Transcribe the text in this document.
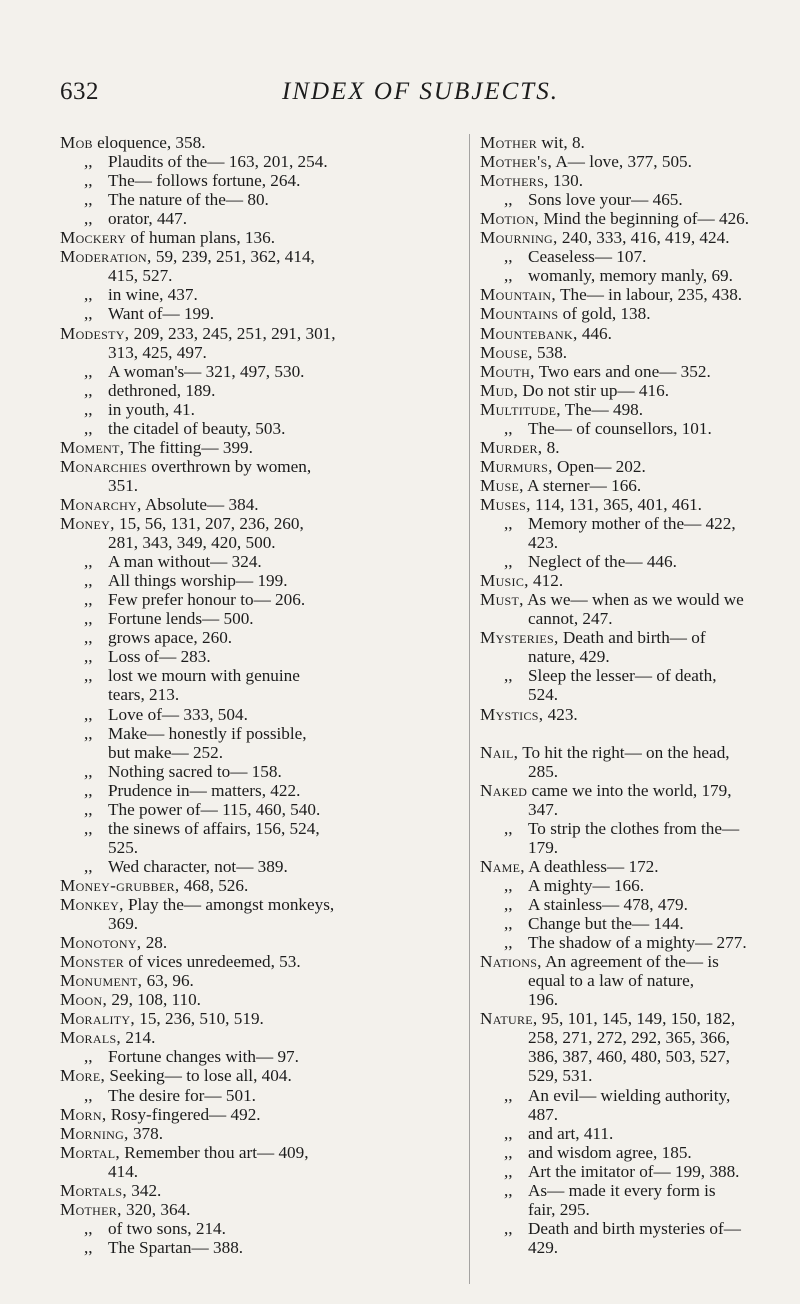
632	INDEX OF SUBJECTS.
Mob eloquence, 358.
,, Plaudits of the— 163, 201, 254.
,, The— follows fortune, 264.
,, The nature of the— 80.
,, orator, 447.
Mockery of human plans, 136.
Moderation, 59, 239, 251, 362, 414,
415, 527.
,, in wine, 437.
,, Want of— 199.
Modesty, 209, 233, 245, 251, 291, 301,
313, 425, 497.
,, A woman's— 321, 497, 530.
,, dethroned, 189.
,, in youth, 41.
,, the citadel of beauty, 503.
Moment, The fitting— 399.
Monarchies overthrown by women,
351.
Monarchy, Absolute— 384.
Money, 15, 56, 131, 207, 236, 260,
281, 343, 349, 420, 500.
,, A man without— 324.
,, All things worship— 199.
,, Few prefer honour to— 206.
,, Fortune lends— 500.
,, grows apace, 260.
,, Loss of— 283.
,, lost we mourn with genuine
tears, 213.
,, Love of— 333, 504.
,, Make— honestly if possible,
but make— 252.
,, Nothing sacred to— 158.
,, Prudence in— matters, 422.
,, The power of— 115, 460, 540.
,, the sinews of affairs, 156, 524,
525.
,, Wed character, not— 389.
Money-grubber, 468, 526.
Monkey, Play the— amongst monkeys,
369.
Monotony, 28.
Monster of vices unredeemed, 53.
Monument, 63, 96.
Moon, 29, 108, 110.
Morality, 15, 236, 510, 519.
Morals, 214.
,, Fortune changes with— 97.
More, Seeking— to lose all, 404.
,, The desire for— 501.
Morn, Rosy-fingered— 492.
Morning, 378.
Mortal, Remember thou art— 409,
414.
Mortals, 342.
Mother, 320, 364.
,, of two sons, 214.
,, The Spartan— 388.
Mother wit, 8.
Mother's, A— love, 377, 505.
Mothers, 130.
,, Sons love your— 465.
Motion, Mind the beginning of— 426.
Mourning, 240, 333, 416, 419, 424.
,, Ceaseless— 107.
,, womanly, memory manly, 69.
Mountain, The— in labour, 235, 438.
Mountains of gold, 138.
Mountebank, 446.
Mouse, 538.
Mouth, Two ears and one— 352.
Mud, Do not stir up— 416.
Multitude, The— 498.
,, The— of counsellors, 101.
Murder, 8.
Murmurs, Open— 202.
Muse, A sterner— 166.
Muses, 114, 131, 365, 401, 461.
,, Memory mother of the— 422,
423.
,, Neglect of the— 446.
Music, 412.
Must, As we— when as we would we
cannot, 247.
Mysteries, Death and birth— of
nature, 429.
,, Sleep the lesser— of death,
524.
Mystics, 423.
Nail, To hit the right— on the head,
285.
Naked came we into the world, 179,
347.
,, To strip the clothes from the—
179.
Name, A deathless— 172.
,, A mighty— 166.
,, A stainless— 478, 479.
,, Change but the— 144.
,, The shadow of a mighty— 277.
Nations, An agreement of the— is
equal to a law of nature,
196.
Nature, 95, 101, 145, 149, 150, 182,
258, 271, 272, 292, 365, 366,
386, 387, 460, 480, 503, 527,
529, 531.
,, An evil— wielding authority,
487.
,, and art, 411.
,, and wisdom agree, 185.
,, Art the imitator of— 199, 388.
,, As— made it every form is
fair, 295.
,, Death and birth mysteries of—
429.
